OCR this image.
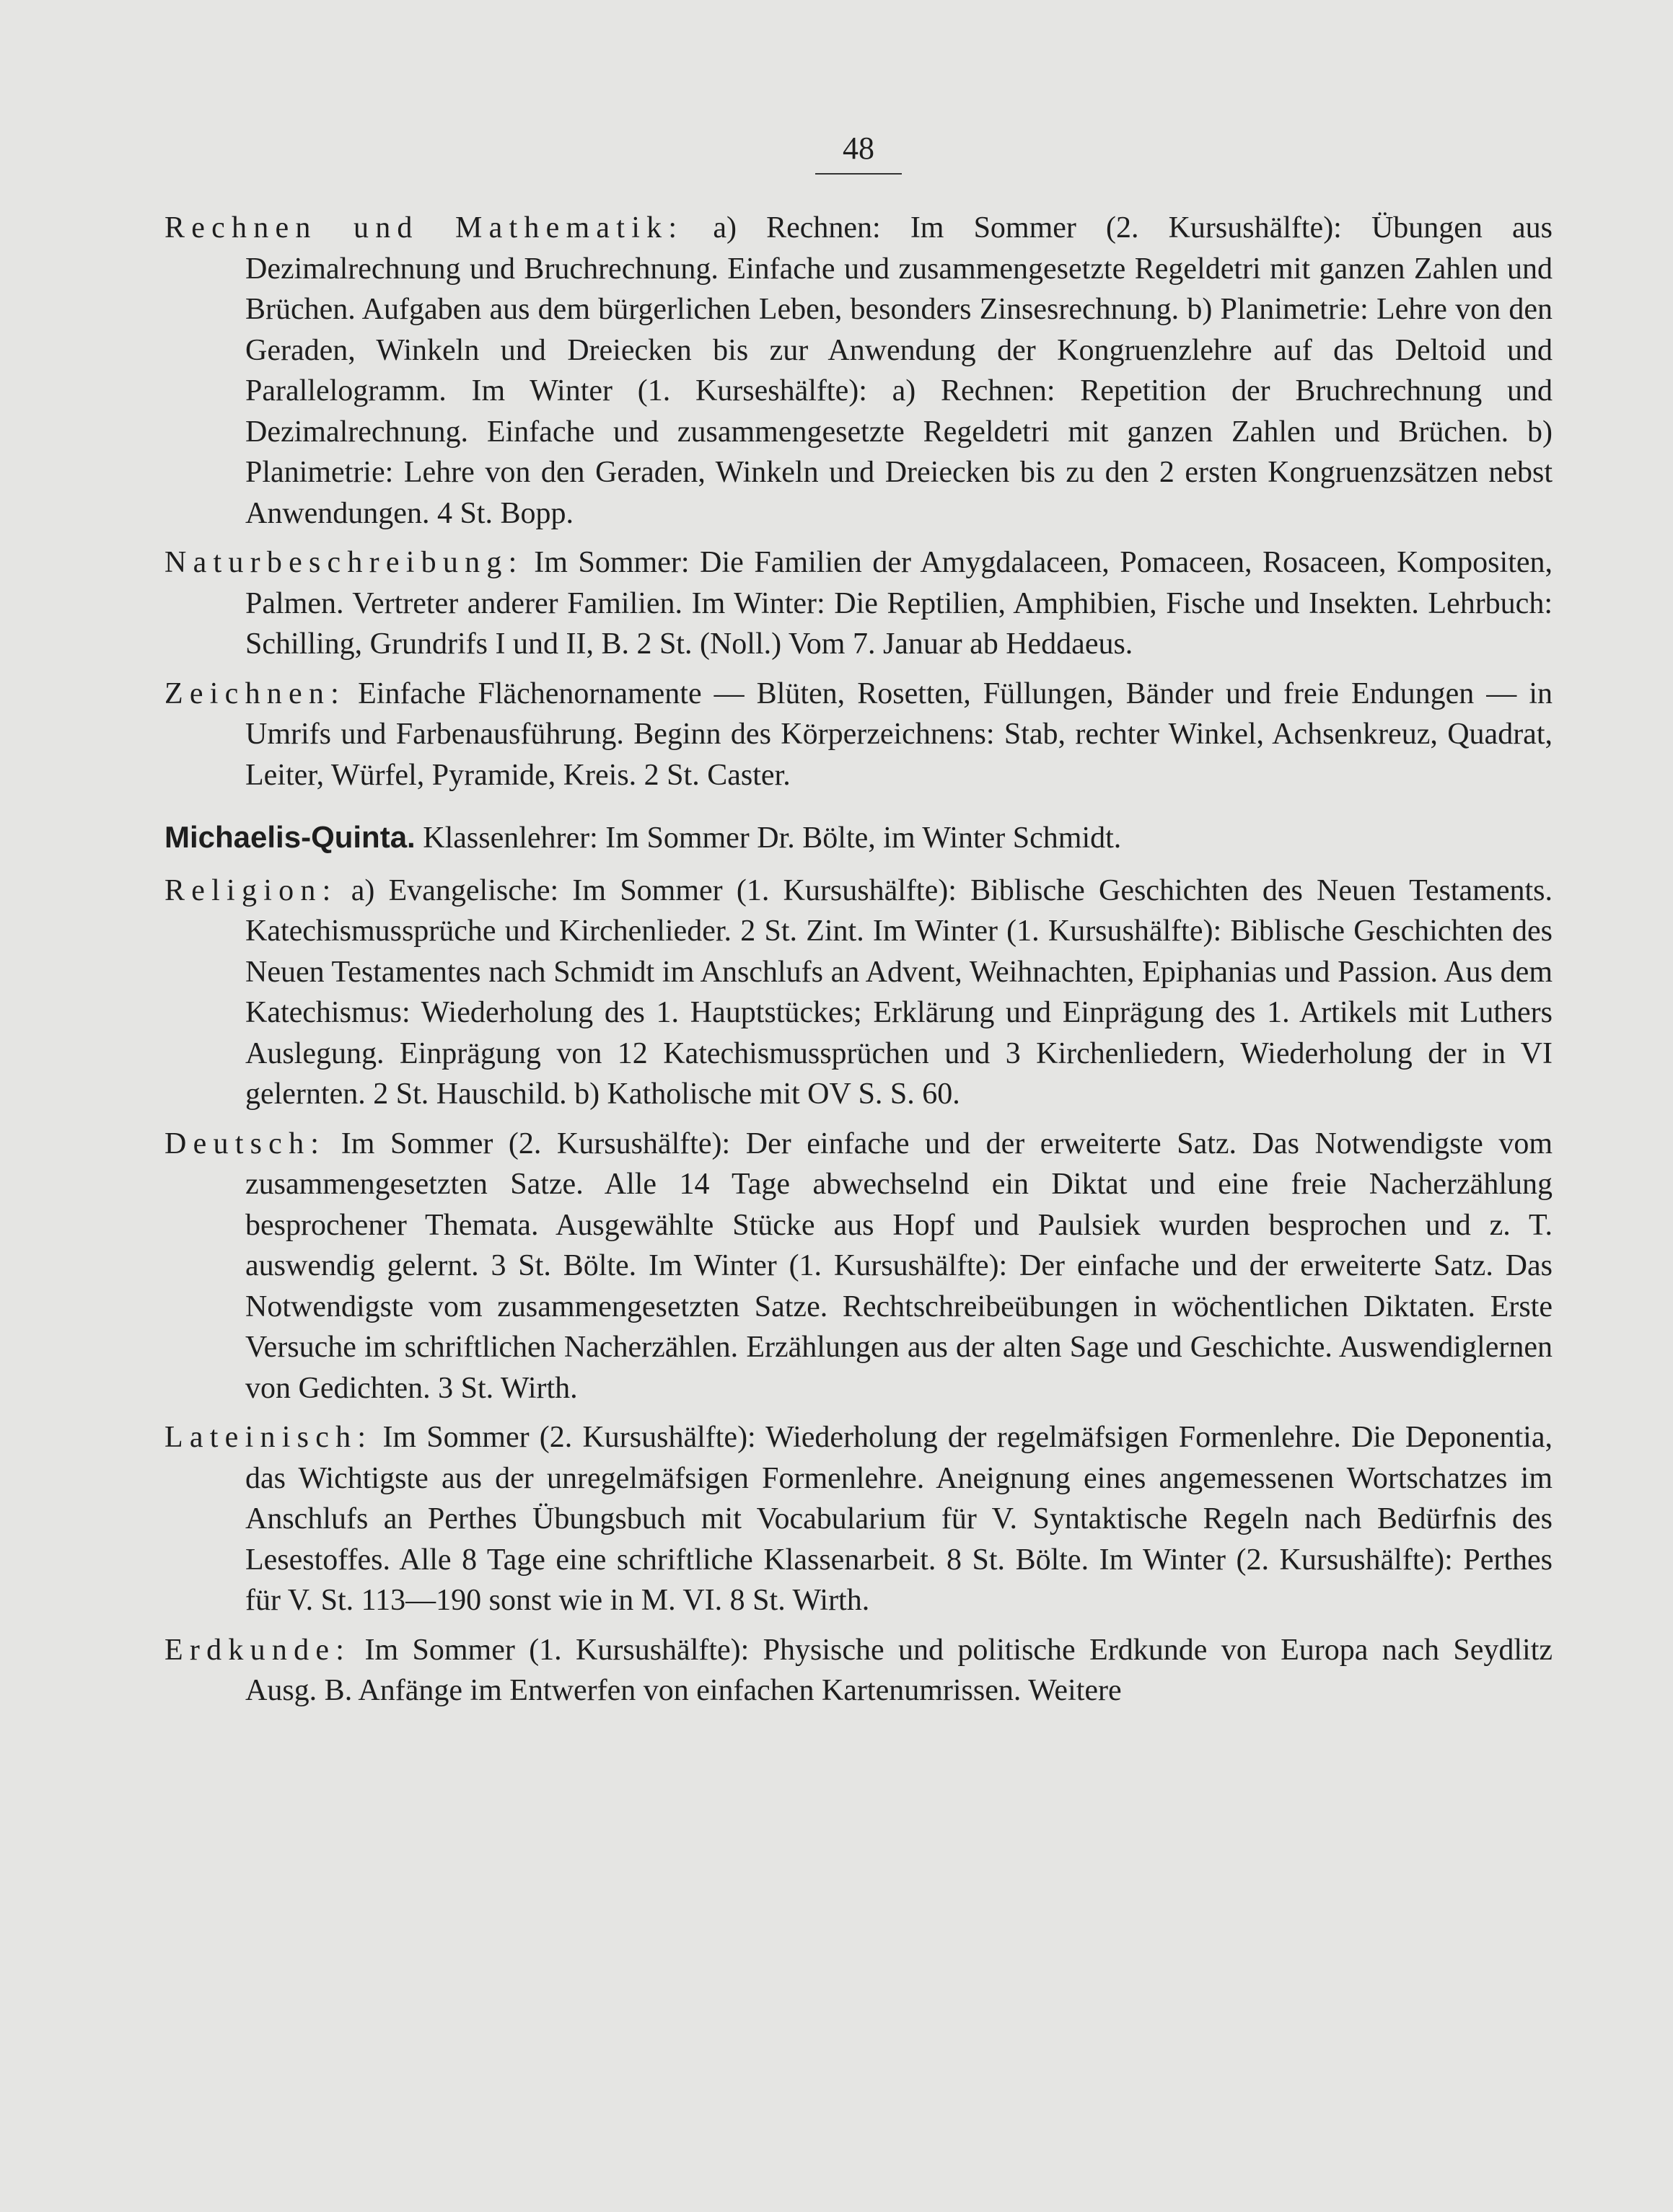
48

Rechnen und Mathematik: a) Rechnen: Im Sommer (2. Kursushälfte): Übungen aus Dezimalrechnung und Bruchrechnung. Einfache und zusammengesetzte Regeldetri mit ganzen Zahlen und Brüchen. Aufgaben aus dem bürgerlichen Leben, besonders Zinsesrechnung. b) Planimetrie: Lehre von den Geraden, Winkeln und Dreiecken bis zur Anwendung der Kongruenzlehre auf das Deltoid und Parallelogramm. Im Winter (1. Kurseshälfte): a) Rechnen: Repetition der Bruchrechnung und Dezimalrechnung. Einfache und zusammengesetzte Regeldetri mit ganzen Zahlen und Brüchen. b) Planimetrie: Lehre von den Geraden, Winkeln und Dreiecken bis zu den 2 ersten Kongruenzsätzen nebst Anwendungen. 4 St. Bopp.

Naturbeschreibung: Im Sommer: Die Familien der Amygdalaceen, Pomaceen, Rosaceen, Kompositen, Palmen. Vertreter anderer Familien. Im Winter: Die Reptilien, Amphibien, Fische und Insekten. Lehrbuch: Schilling, Grundrifs I und II, B. 2 St. (Noll.) Vom 7. Januar ab Heddaeus.

Zeichnen: Einfache Flächenornamente — Blüten, Rosetten, Füllungen, Bänder und freie Endungen — in Umrifs und Farbenausführung. Beginn des Körperzeichnens: Stab, rechter Winkel, Achsenkreuz, Quadrat, Leiter, Würfel, Pyramide, Kreis. 2 St. Caster.

Michaelis-Quinta. Klassenlehrer: Im Sommer Dr. Bölte, im Winter Schmidt.

Religion: a) Evangelische: Im Sommer (1. Kursushälfte): Biblische Geschichten des Neuen Testaments. Katechismussprüche und Kirchenlieder. 2 St. Zint. Im Winter (1. Kursushälfte): Biblische Geschichten des Neuen Testamentes nach Schmidt im Anschlufs an Advent, Weihnachten, Epiphanias und Passion. Aus dem Katechismus: Wiederholung des 1. Hauptstückes; Erklärung und Einprägung des 1. Artikels mit Luthers Auslegung. Einprägung von 12 Katechismussprüchen und 3 Kirchenliedern, Wiederholung der in VI gelernten. 2 St. Hauschild. b) Katholische mit OV S. S. 60.

Deutsch: Im Sommer (2. Kursushälfte): Der einfache und der erweiterte Satz. Das Notwendigste vom zusammengesetzten Satze. Alle 14 Tage abwechselnd ein Diktat und eine freie Nacherzählung besprochener Themata. Ausgewählte Stücke aus Hopf und Paulsiek wurden besprochen und z. T. auswendig gelernt. 3 St. Bölte. Im Winter (1. Kursushälfte): Der einfache und der erweiterte Satz. Das Notwendigste vom zusammengesetzten Satze. Rechtschreibeübungen in wöchentlichen Diktaten. Erste Versuche im schriftlichen Nacherzählen. Erzählungen aus der alten Sage und Geschichte. Auswendiglernen von Gedichten. 3 St. Wirth.

Lateinisch: Im Sommer (2. Kursushälfte): Wiederholung der regelmäfsigen Formenlehre. Die Deponentia, das Wichtigste aus der unregelmäfsigen Formenlehre. Aneignung eines angemessenen Wortschatzes im Anschlufs an Perthes Übungsbuch mit Vocabularium für V. Syntaktische Regeln nach Bedürfnis des Lesestoffes. Alle 8 Tage eine schriftliche Klassenarbeit. 8 St. Bölte. Im Winter (2. Kursushälfte): Perthes für V. St. 113—190 sonst wie in M. VI. 8 St. Wirth.

Erdkunde: Im Sommer (1. Kursushälfte): Physische und politische Erdkunde von Europa nach Seydlitz Ausg. B. Anfänge im Entwerfen von einfachen Kartenumrissen. Weitere
